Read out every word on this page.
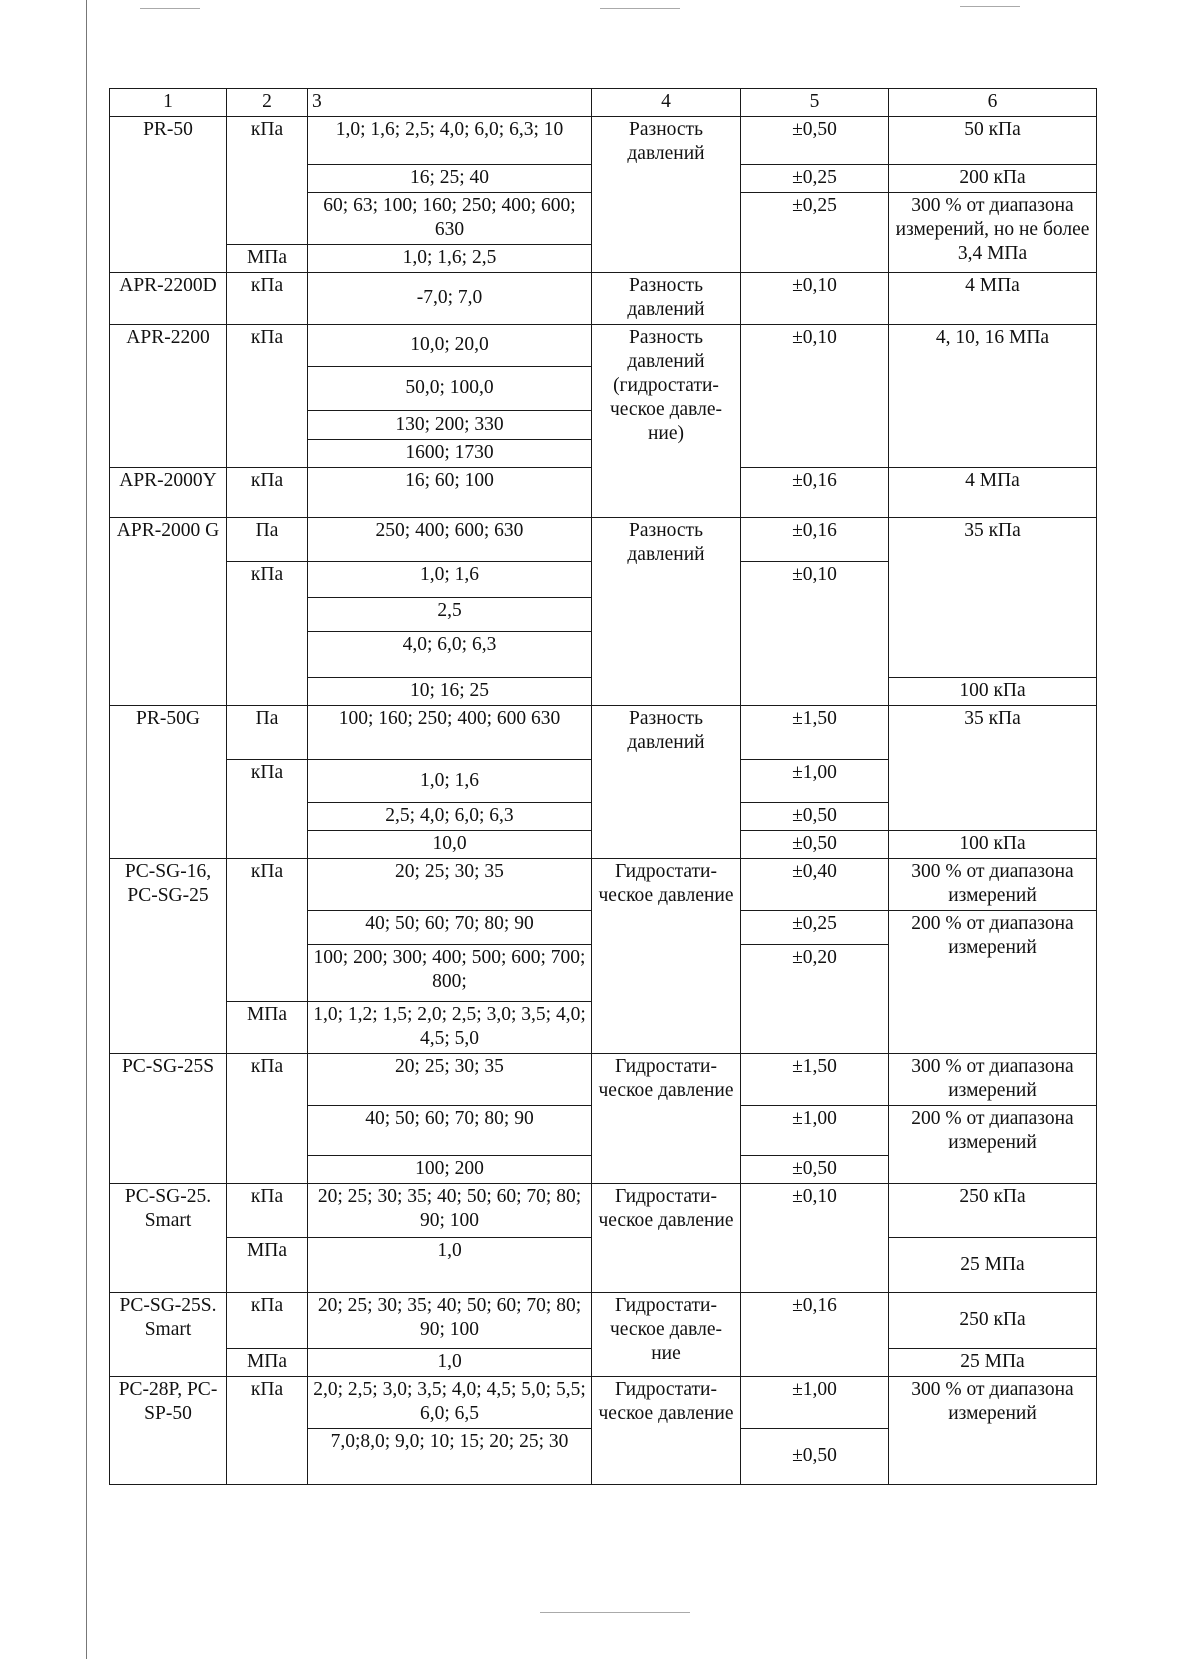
1	2	3	4	5	6
PR-50	кПа	1,0; 1,6; 2,5; 4,0; 6,0; 6,3; 10	Разность давлений	±0,50	50 кПа
		16; 25; 40		±0,25	200 кПа
		60; 63; 100; 160; 250; 400; 600; 630		±0,25	300 % от диапазона измерений, но не более 3,4 МПа
	МПа	1,0; 1,6; 2,5			
APR-2200D	кПа	-7,0; 7,0	Разность давлений	±0,10	4 МПа
APR-2200	кПа	10,0; 20,0	Разность давлений (гидростати-ческое давле-ние)	±0,10	4, 10, 16 МПа
		50,0; 100,0			
		130; 200; 330			
		1600; 1730			
APR-2000Y	кПа	16; 60; 100		±0,16	4 МПа
APR-2000 G	Па	250; 400; 600; 630	Разность давлений	±0,16	35 кПа
	кПа	1,0; 1,6		±0,10	
		2,5			
		4,0; 6,0; 6,3			
		10; 16; 25			100 кПа
PR-50G	Па	100; 160; 250; 400; 600 630	Разность давлений	±1,50	35 кПа
	кПа	1,0; 1,6		±1,00	
		2,5; 4,0; 6,0; 6,3		±0,50	
		10,0		±0,50	100 кПа
PC-SG-16, PC-SG-25	кПа	20; 25; 30; 35	Гидростати-ческое давление	±0,40	300 % от диапазона измерений
		40; 50; 60; 70; 80; 90		±0,25	200 % от диапазона измерений
		100; 200; 300; 400; 500; 600; 700; 800;		±0,20	
	МПа	1,0; 1,2; 1,5; 2,0; 2,5; 3,0; 3,5; 4,0; 4,5; 5,0			
PC-SG-25S	кПа	20; 25; 30; 35	Гидростати-ческое давление	±1,50	300 % от диапазона измерений
		40; 50; 60; 70; 80; 90		±1,00	200 % от диапазона измерений
		100; 200		±0,50	
PC-SG-25. Smart	кПа	20; 25; 30; 35; 40; 50; 60; 70; 80; 90; 100	Гидростати-ческое давление	±0,10	250 кПа
	МПа	1,0			25 МПа
PC-SG-25S. Smart	кПа	20; 25; 30; 35; 40; 50; 60; 70; 80; 90; 100	Гидростати-ческое давле-ние	±0,16	250 кПа
	МПа	1,0			25 МПа
PC-28P, PC-SP-50	кПа	2,0; 2,5; 3,0; 3,5; 4,0; 4,5; 5,0; 5,5; 6,0; 6,5	Гидростати-ческое давление	±1,00	300 % от диапазона измерений
		7,0;8,0; 9,0; 10; 15; 20; 25; 30		±0,50	
